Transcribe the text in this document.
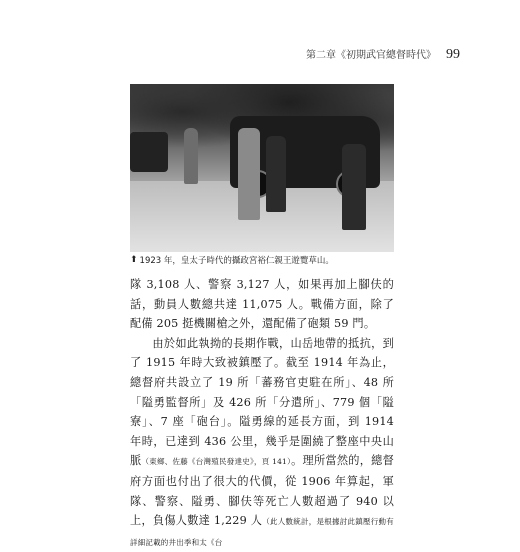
第二章《初期武官總督時代》 99
⬆ 1923 年，皇太子時代的攝政宮裕仁親王遊覽草山。

隊 3,108 人、警察 3,127 人，如果再加上腳伕的話，動員人數總共達 11,075 人。戰備方面，除了配備 205 挺機關槍之外，還配備了砲類 59 門。

由於如此執拗的長期作戰，山岳地帶的抵抗，到了 1915 年時大致被鎮壓了。截至 1914 年為止，總督府共設立了 19 所「蕃務官吏駐在所」、48 所「隘勇監督所」及 426 所「分遣所」、779 個「隘寮」、7 座「砲台」。隘勇線的延長方面，到 1914 年時，已達到 436 公里，幾乎是圍繞了整座中央山脈（東鄉、佐藤《台灣殖民發達史》，頁 141）。理所當然的，總督府方面也付出了很大的代價，從 1906 年算起，軍隊、警察、隘勇、腳伕等死亡人數超過了 940 以上，負傷人數達 1,229 人（此人數統計，是根據討此鎮壓行動有詳細記載的井出季和太《台
